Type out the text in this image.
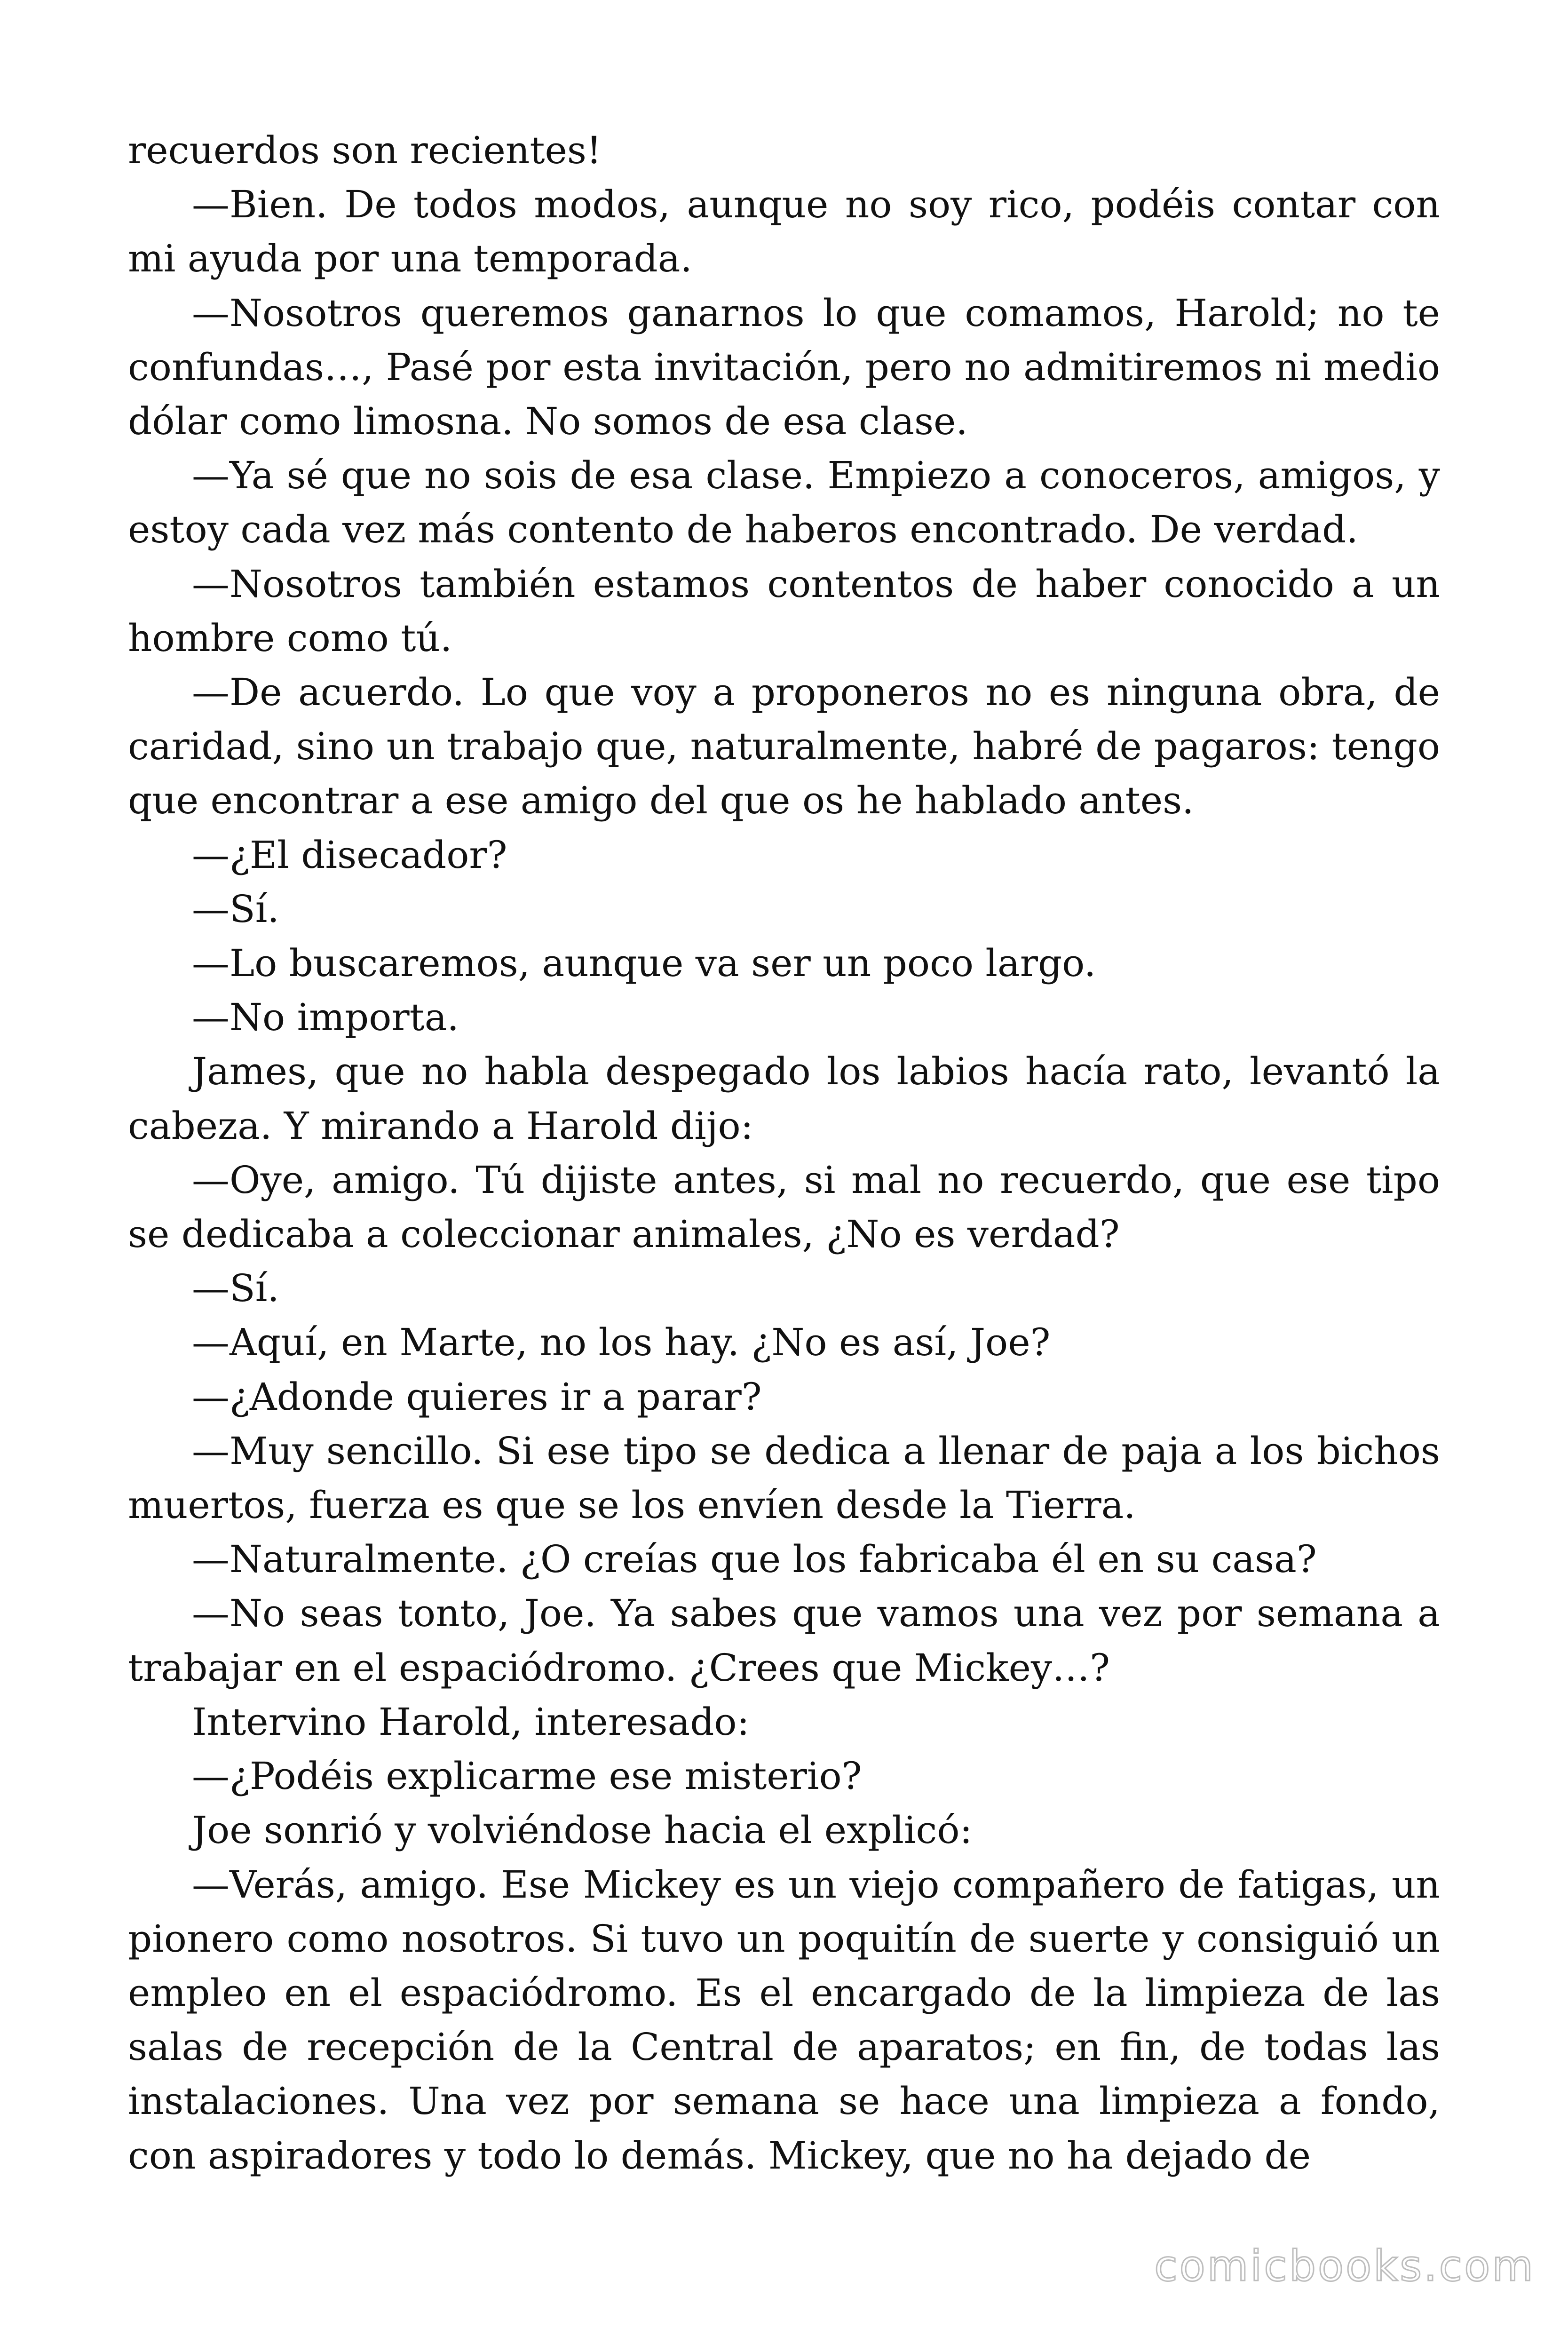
recuerdos son recientes!

—Bien. De todos modos, aunque no soy rico, podéis contar con mi ayuda por una temporada.

—Nosotros queremos ganarnos lo que comamos, Harold; no te confundas…, Pasé por esta invitación, pero no admitiremos ni medio dólar como limosna. No somos de esa clase.

—Ya sé que no sois de esa clase. Empiezo a conoceros, amigos, y estoy cada vez más contento de haberos encontrado. De verdad.

—Nosotros también estamos contentos de haber conocido a un hombre como tú.

—De acuerdo. Lo que voy a proponeros no es ninguna obra, de caridad, sino un trabajo que, naturalmente, habré de pagaros: tengo que encontrar a ese amigo del que os he hablado antes.

—¿El disecador?

—Sí.

—Lo buscaremos, aunque va ser un poco largo.

—No importa.

James, que no habla despegado los labios hacía rato, levantó la cabeza. Y mirando a Harold dijo:

—Oye, amigo. Tú dijiste antes, si mal no recuerdo, que ese tipo se dedicaba a coleccionar animales, ¿No es verdad?

—Sí.

—Aquí, en Marte, no los hay. ¿No es así, Joe?

—¿Adonde quieres ir a parar?

—Muy sencillo. Si ese tipo se dedica a llenar de paja a los bichos muertos, fuerza es que se los envíen desde la Tierra.

—Naturalmente. ¿O creías que los fabricaba él en su casa?

—No seas tonto, Joe. Ya sabes que vamos una vez por semana a trabajar en el espaciódromo. ¿Crees que Mickey…?

Intervino Harold, interesado:

—¿Podéis explicarme ese misterio?

Joe sonrió y volviéndose hacia el explicó:

—Verás, amigo. Ese Mickey es un viejo compañero de fatigas, un pionero como nosotros. Si tuvo un poquitín de suerte y consiguió un empleo en el espaciódromo. Es el encargado de la limpieza de las salas de recepción de la Central de aparatos; en fin, de todas las instalaciones. Una vez por semana se hace una limpieza a fondo, con aspiradores y todo lo demás. Mickey, que no ha dejado de

comicbooks.com
